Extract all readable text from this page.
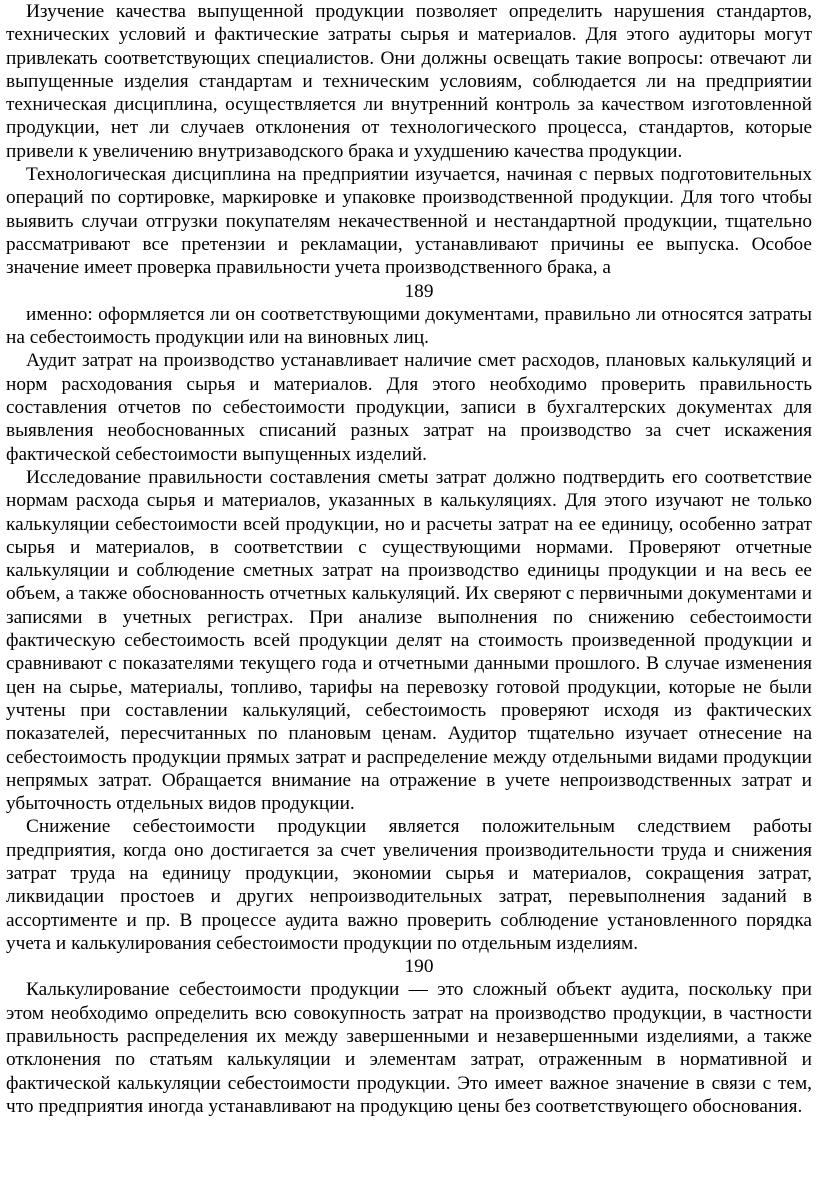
Изучение качества выпущенной продукции позволяет определить нарушения стандартов, технических условий и фактические затраты сырья и материалов. Для этого аудиторы могут привлекать соответствующих специалистов. Они должны освещать такие вопросы: отвечают ли выпущенные изделия стандартам и техническим условиям, соблюдается ли на предприятии техническая дисциплина, осуществляется ли внутренний контроль за качеством изготовленной продукции, нет ли случаев отклонения от технологического процесса, стандартов, которые привели к увеличению внутризаводского брака и ухудшению качества продукции.

Технологическая дисциплина на предприятии изучается, начиная с первых подготовительных операций по сортировке, маркировке и упаковке производственной продукции. Для того чтобы выявить случаи отгрузки покупателям некачественной и нестандартной продукции, тщательно рассматривают все претензии и рекламации, устанавливают причины ее выпуска. Особое значение имеет проверка правильности учета производственного брака, а

189

именно: оформляется ли он соответствующими документами, правильно ли относятся затраты на себестоимость продукции или на виновных лиц.

Аудит затрат на производство устанавливает наличие смет расходов, плановых калькуляций и норм расходования сырья и материалов. Для этого необходимо проверить правильность составления отчетов по себестоимости продукции, записи в бухгалтерских документах для выявления необоснованных списаний разных затрат на производство за счет искажения фактической себестоимости выпущенных изделий.

Исследование правильности составления сметы затрат должно подтвердить его соответствие нормам расхода сырья и материалов, указанных в калькуляциях. Для этого изучают не только калькуляции себестоимости всей продукции, но и расчеты затрат на ее единицу, особенно затрат сырья и материалов, в соответствии с существующими нормами. Проверяют отчетные калькуляции и соблюдение сметных затрат на производство единицы продукции и на весь ее объем, а также обоснованность отчетных калькуляций. Их сверяют с первичными документами и записями в учетных регистрах. При анализе выполнения по снижению себестоимости фактическую себестоимость всей продукции делят на стоимость произведенной продукции и сравнивают с показателями текущего года и отчетными данными прошлого. В случае изменения цен на сырье, материалы, топливо, тарифы на перевозку готовой продукции, которые не были учтены при составлении калькуляций, себестоимость проверяют исходя из фактических показателей, пересчитанных по плановым ценам. Аудитор тщательно изучает отнесение на себестоимость продукции прямых затрат и распределение между отдельными видами продукции непрямых затрат. Обращается внимание на отражение в учете непроизводственных затрат и убыточность отдельных видов продукции.

Снижение себестоимости продукции является положительным следствием работы предприятия, когда оно достигается за счет увеличения производительности труда и снижения затрат труда на единицу продукции, экономии сырья и материалов, сокращения затрат, ликвидации простоев и других непроизводительных затрат, перевыполнения заданий в ассортименте и пр. В процессе аудита важно проверить соблюдение установленного порядка учета и калькулирования себестоимости продукции по отдельным изделиям.

190

Калькулирование себестоимости продукции — это сложный объект аудита, поскольку при этом необходимо определить всю совокупность затрат на производство продукции, в частности правильность распределения их между завершенными и незавершенными изделиями, а также отклонения по статьям калькуляции и элементам затрат, отраженным в нормативной и фактической калькуляции себестоимости продукции. Это имеет важное значение в связи с тем, что предприятия иногда устанавливают на продукцию цены без соответствующего обоснования.
